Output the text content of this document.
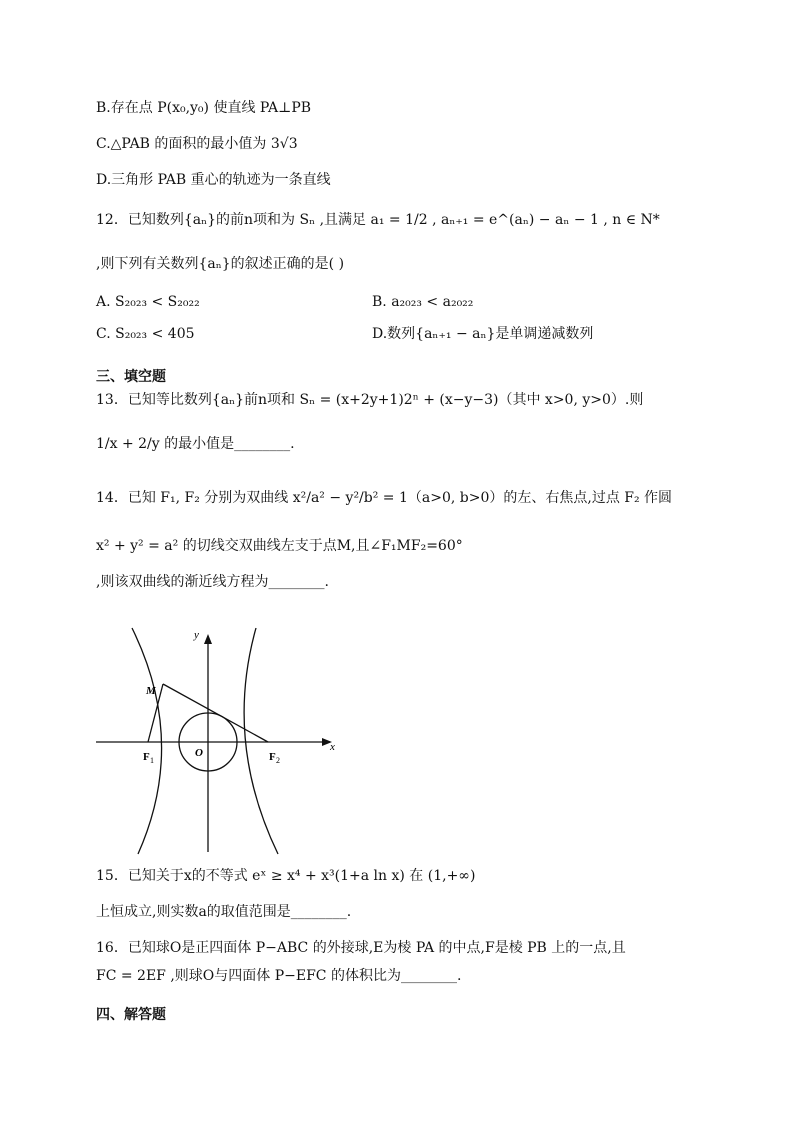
B.存在点 P(x₀,y₀) 使直线 PA⊥PB
C.△PAB 的面积的最小值为 3√3
D.三角形 PAB 重心的轨迹为一条直线
12．已知数列{aₙ}的前n项和为 Sₙ ,且满足 a₁ = 1/2 , aₙ₊₁ = e^(aₙ) − aₙ − 1 , n ∈ N*
,则下列有关数列{aₙ}的叙述正确的是( )
A. S₂₀₂₃ < S₂₀₂₂	B. a₂₀₂₃ < a₂₀₂₂
C. S₂₀₂₃ < 405	D.数列{aₙ₊₁ − aₙ}是单调递减数列
三、填空题
13．已知等比数列{aₙ}前n项和 Sₙ = (x+2y+1)2ⁿ + (x−y−3)（其中 x>0, y>0）.则
1/x + 2/y 的最小值是________.
14．已知 F₁, F₂ 分别为双曲线 x²/a² − y²/b² = 1（a>0, b>0）的左、右焦点,过点 F₂ 作圆
x² + y² = a² 的切线交双曲线左支于点M,且∠F₁MF₂=60°
,则该双曲线的渐近线方程为________.
y
x
M
O
F 1	F 2
15．已知关于x的不等式 eˣ ≥ x⁴ + x³(1+a ln x) 在 (1,+∞)
上恒成立,则实数a的取值范围是________.
16．已知球O是正四面体 P−ABC 的外接球,E为棱 PA 的中点,F是棱 PB 上的一点,且
FC = 2EF ,则球O与四面体 P−EFC 的体积比为________.
四、解答题
